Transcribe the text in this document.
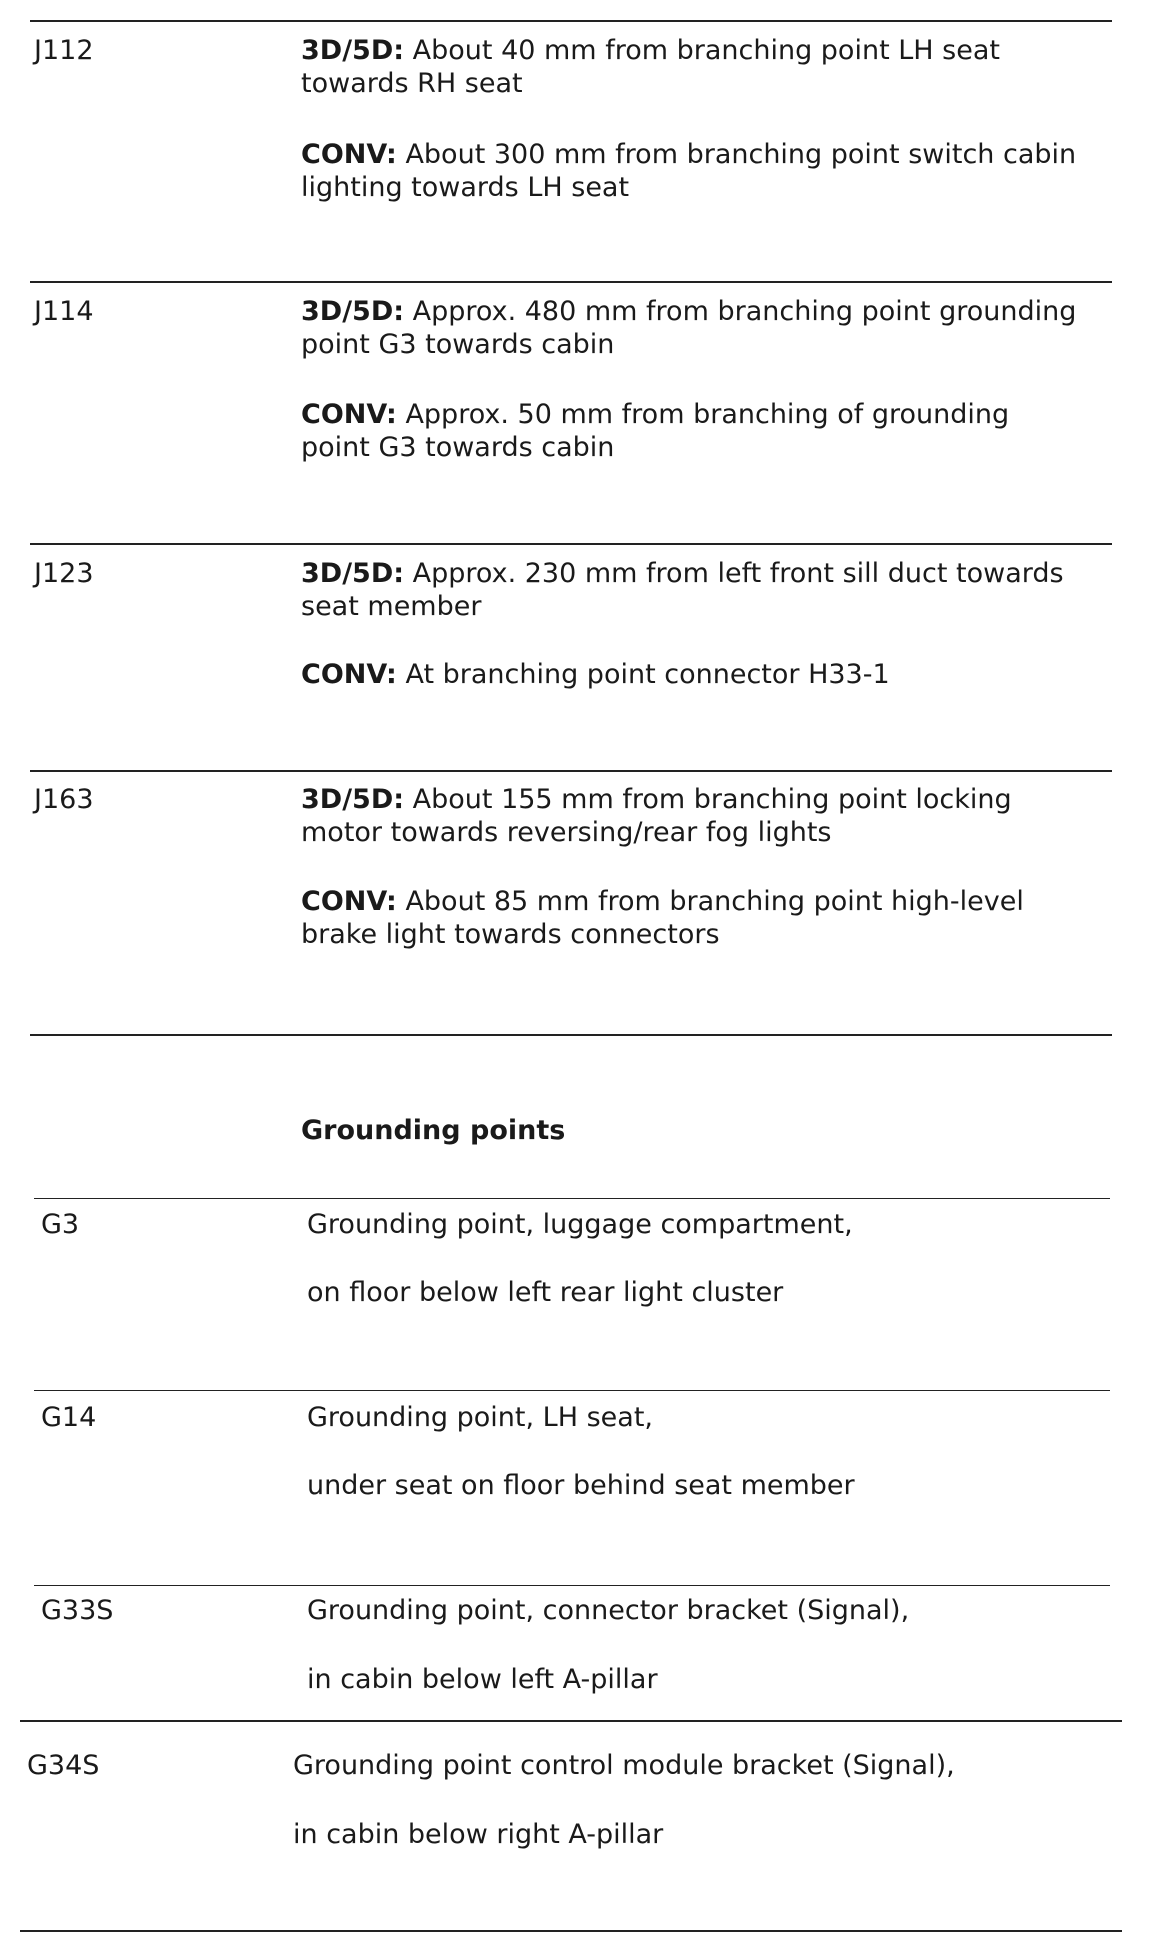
J112	3D/5D: About 40 mm from branching point LH seat towards RH seat
CONV: About 300 mm from branching point switch cabin lighting towards LH seat
J114	3D/5D: Approx. 480 mm from branching point grounding point G3 towards cabin
CONV: Approx. 50 mm from branching of grounding point G3 towards cabin
J123	3D/5D: Approx. 230 mm from left front sill duct towards seat member
CONV: At branching point connector H33-1
J163	3D/5D: About 155 mm from branching point locking motor towards reversing/rear fog lights
CONV: About 85 mm from branching point high-level brake light towards connectors
Grounding points
G3	Grounding point, luggage compartment,
on floor below left rear light cluster
G14	Grounding point, LH seat,
under seat on floor behind seat member
G33S	Grounding point, connector bracket (Signal),
in cabin below left A-pillar
G34S	Grounding point control module bracket (Signal),
in cabin below right A-pillar
